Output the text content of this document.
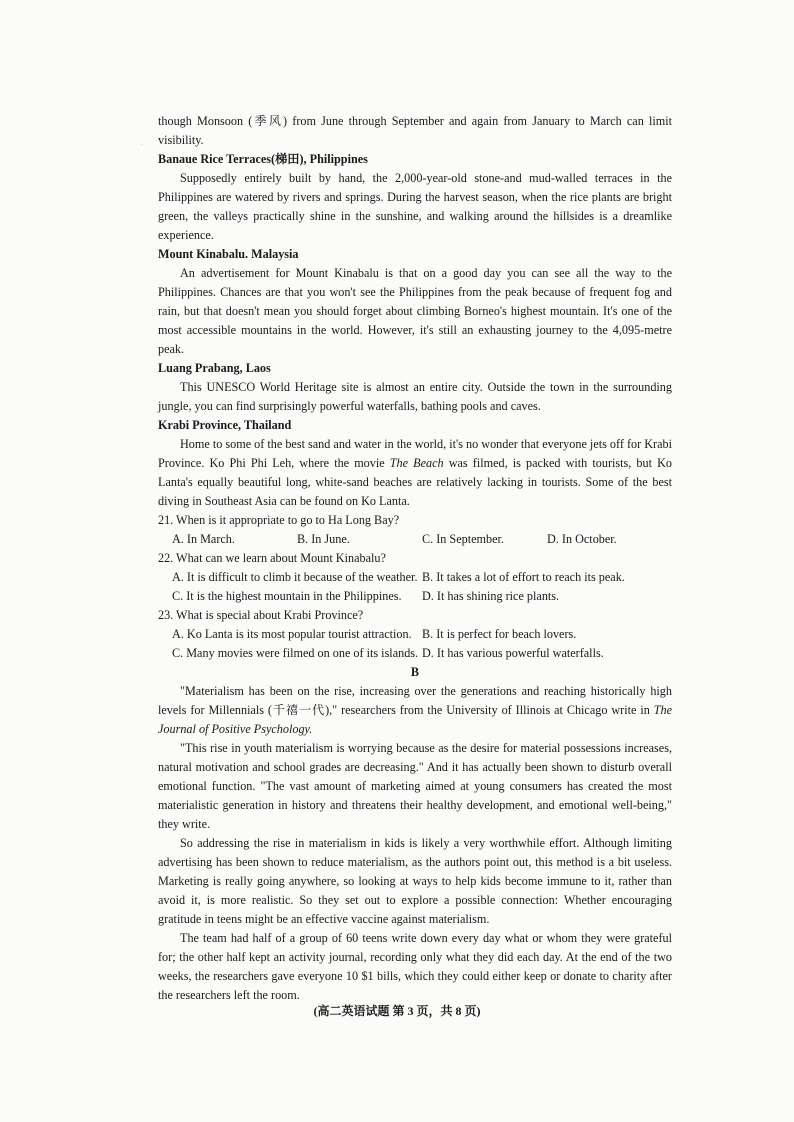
·

though Monsoon (季风) from June through September and again from January to March can limit visibility.

Banaue Rice Terraces(梯田), Philippines

Supposedly entirely built by hand, the 2,000-year-old stone-and mud-walled terraces in the Philippines are watered by rivers and springs. During the harvest season, when the rice plants are bright green, the valleys practically shine in the sunshine, and walking around the hillsides is a dreamlike experience.

Mount Kinabalu. Malaysia

An advertisement for Mount Kinabalu is that on a good day you can see all the way to the Philippines. Chances are that you won't see the Philippines from the peak because of frequent fog and rain, but that doesn't mean you should forget about climbing Borneo's highest mountain. It's one of the most accessible mountains in the world. However, it's still an exhausting journey to the 4,095-metre peak.

Luang Prabang, Laos

This UNESCO World Heritage site is almost an entire city. Outside the town in the surrounding jungle, you can find surprisingly powerful waterfalls, bathing pools and caves.

Krabi Province, Thailand

Home to some of the best sand and water in the world, it's no wonder that everyone jets off for Krabi Province. Ko Phi Phi Leh, where the movie The Beach was filmed, is packed with tourists, but Ko Lanta's equally beautiful long, white-sand beaches are relatively lacking in tourists. Some of the best diving in Southeast Asia can be found on Ko Lanta.

21. When is it appropriate to go to Ha Long Bay?

A. In March.	B. In June.	C. In September.	D. In October.

22. What can we learn about Mount Kinabalu?

A. It is difficult to climb it because of the weather. B. It takes a lot of effort to reach its peak.
C. It is the highest mountain in the Philippines.	D. It has shining rice plants.

23. What is special about Krabi Province?

A. Ko Lanta is its most popular tourist attraction. B. It is perfect for beach lovers.
C. Many movies were filmed on one of its islands. D. It has various powerful waterfalls.

B

"Materialism has been on the rise, increasing over the generations and reaching historically high levels for Millennials (千禧一代)," researchers from the University of Illinois at Chicago write in The Journal of Positive Psychology.

"This rise in youth materialism is worrying because as the desire for material possessions increases, natural motivation and school grades are decreasing." And it has actually been shown to disturb overall emotional function. "The vast amount of marketing aimed at young consumers has created the most materialistic generation in history and threatens their healthy development, and emotional well-being," they write.

So addressing the rise in materialism in kids is likely a very worthwhile effort. Although limiting advertising has been shown to reduce materialism, as the authors point out, this method is a bit useless. Marketing is really going anywhere, so looking at ways to help kids become immune to it, rather than avoid it, is more realistic. So they set out to explore a possible connection: Whether encouraging gratitude in teens might be an effective vaccine against materialism.

The team had half of a group of 60 teens write down every day what or whom they were grateful for; the other half kept an activity journal, recording only what they did each day. At the end of the two weeks, the researchers gave everyone 10 $1 bills, which they could either keep or donate to charity after the researchers left the room.

(高二英语试题 第 3 页，共 8 页)
